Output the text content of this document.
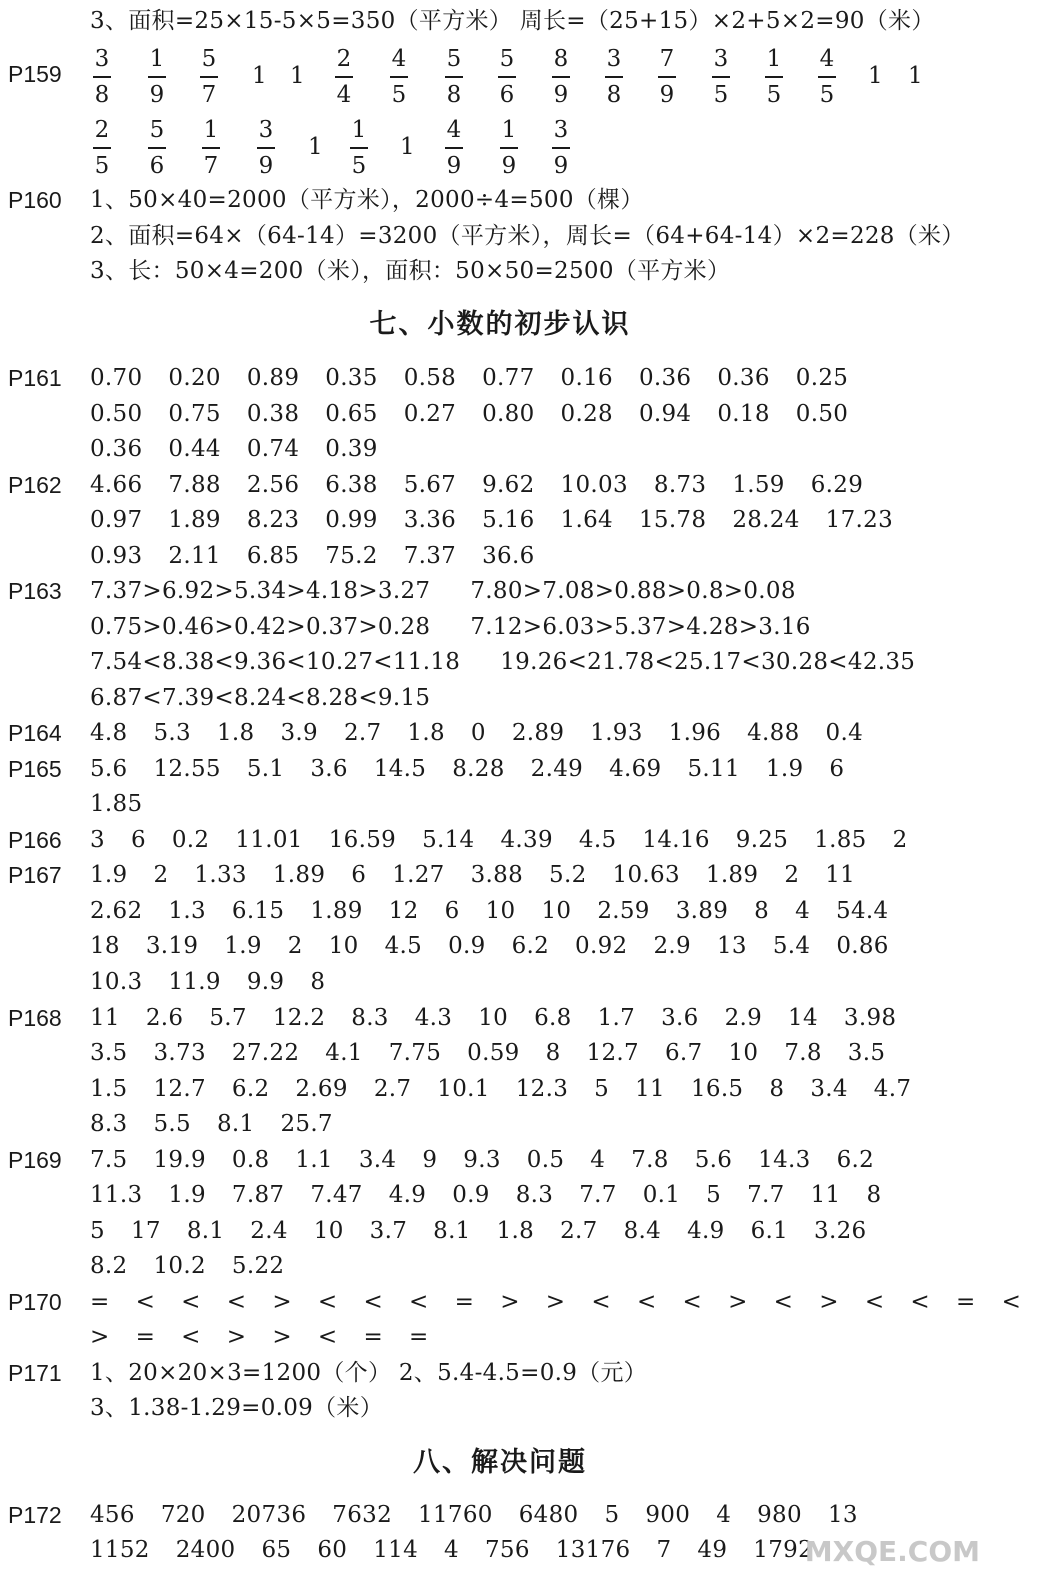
3、面积=25×15-5×5=350（平方米） 周长=（25+15）×2+5×2=90（米）
P159
3
8
1
9
5
7
1 1
2
4
4
5
5
8
5
6
8
9
3
8
7
9
3
5
1
5
4
5
1 1
2
5
5
6
1
7
3
9
1
1
5
1
4
9
1
9
3
9
P160 1、50×40=2000（平方米），2000÷4=500（棵）
2、面积=64×（64-14）=3200（平方米），周长=（64+64-14）×2=228（米）
3、长：50×4=200（米），面积：50×50=2500（平方米）
七、小数的初步认识
P161 0.70 0.20 0.89 0.35 0.58 0.77 0.16 0.36 0.36 0.25
0.50 0.75 0.38 0.65 0.27 0.80 0.28 0.94 0.18 0.50
0.36 0.44 0.74 0.39
P162 4.66 7.88 2.56 6.38 5.67 9.62 10.03 8.73 1.59 6.29
0.97 1.89 8.23 0.99 3.36 5.16 1.64 15.78 28.24 17.23
0.93 2.11 6.85 75.2 7.37 36.6
P163 7.37>6.92>5.34>4.18>3.27 7.80>7.08>0.88>0.8>0.08
0.75>0.46>0.42>0.37>0.28 7.12>6.03>5.37>4.28>3.16
7.54<8.38<9.36<10.27<11.18 19.26<21.78<25.17<30.28<42.35
6.87<7.39<8.24<8.28<9.15
P164 4.8 5.3 1.8 3.9 2.7 1.8 0 2.89 1.93 1.96 4.88 0.4
P165 5.6 12.55 5.1 3.6 14.5 8.28 2.49 4.69 5.11 1.9 6
1.85
P166 3 6 0.2 11.01 16.59 5.14 4.39 4.5 14.16 9.25 1.85 2
P167 1.9 2 1.33 1.89 6 1.27 3.88 5.2 10.63 1.89 2 11
2.62 1.3 6.15 1.89 12 6 10 10 2.59 3.89 8 4 54.4
18 3.19 1.9 2 10 4.5 0.9 6.2 0.92 2.9 13 5.4 0.86
10.3 11.9 9.9 8
P168 11 2.6 5.7 12.2 8.3 4.3 10 6.8 1.7 3.6 2.9 14 3.98
3.5 3.73 27.22 4.1 7.75 0.59 8 12.7 6.7 10 7.8 3.5
1.5 12.7 6.2 2.69 2.7 10.1 12.3 5 11 16.5 8 3.4 4.7
8.3 5.5 8.1 25.7
P169 7.5 19.9 0.8 1.1 3.4 9 9.3 0.5 4 7.8 5.6 14.3 6.2
11.3 1.9 7.87 7.47 4.9 0.9 8.3 7.7 0.1 5 7.7 11 8
5 17 8.1 2.4 10 3.7 8.1 1.8 2.7 8.4 4.9 6.1 3.26
8.2 10.2 5.22
P170 = < < < > < < < = > > < < < > < > < < = <
> = < > > < = =
P172 456 720 20736 7632 11760 6480 5 900 4 980 13
1152 2400 65 60 114 4 756 13176 7 49 1792
P171 1、20×20×3=1200（个） 2、5.4-4.5=0.9（元）
3、1.38-1.29=0.09（米）
八、解决问题
MXQE.COM
